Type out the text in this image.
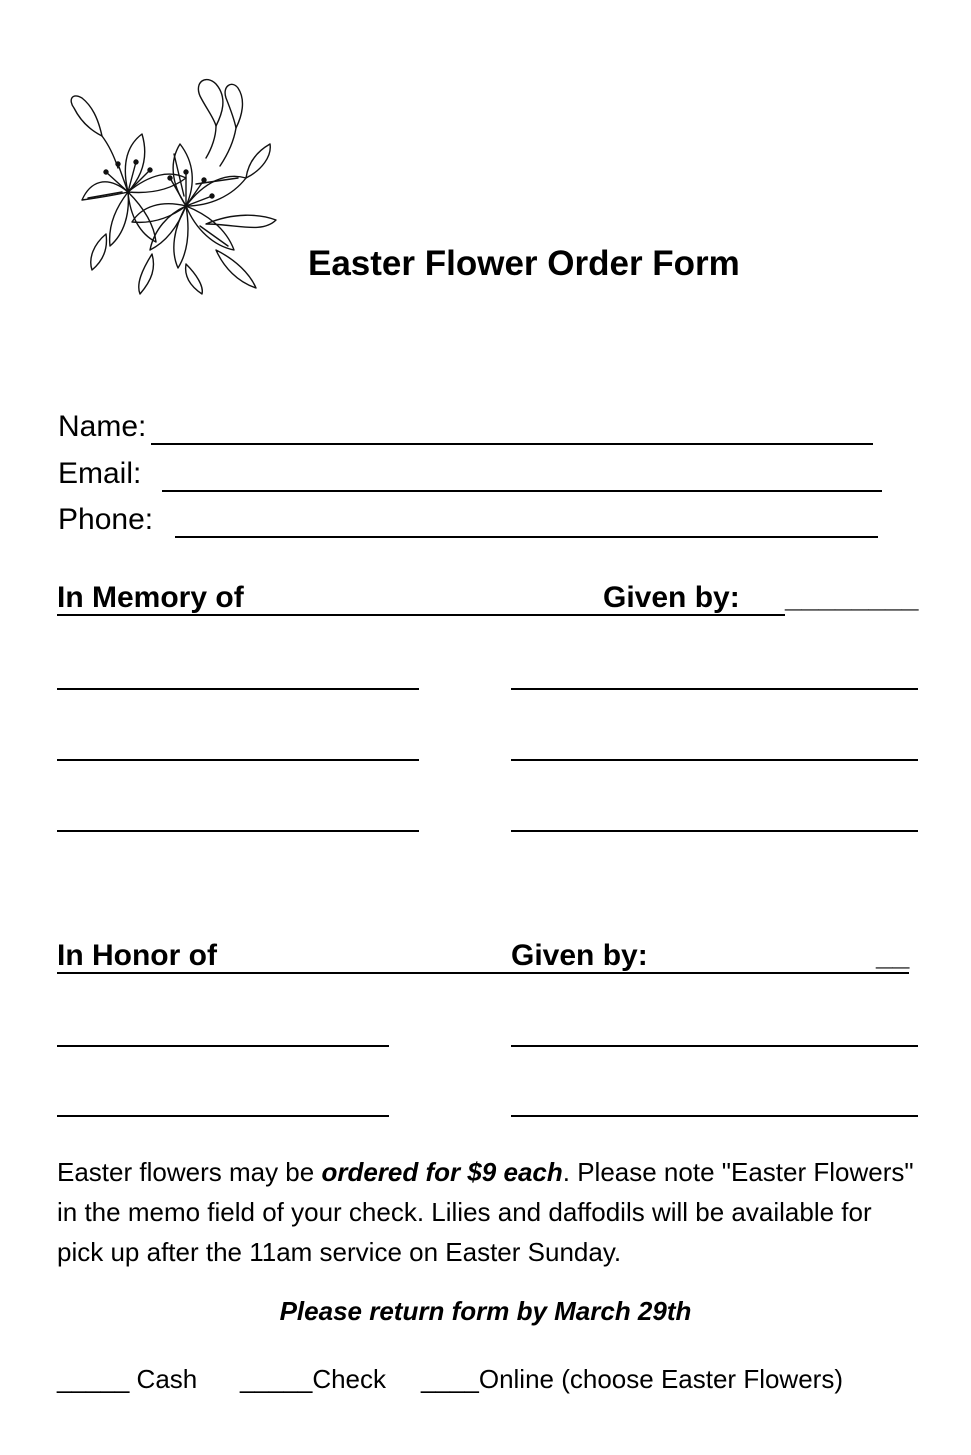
Easter Flower Order Form
Name:
Email:
Phone:
In Memory of	Given by: ________
In Honor of	Given by:	__
Easter flowers may be ordered for $9 each. Please note "Easter Flowers" in the memo field of your check. Lilies and daffodils will be available for pick up after the 11am service on Easter Sunday.
Please return form by March 29th
_____ Cash _____Check ____Online (choose Easter Flowers)
